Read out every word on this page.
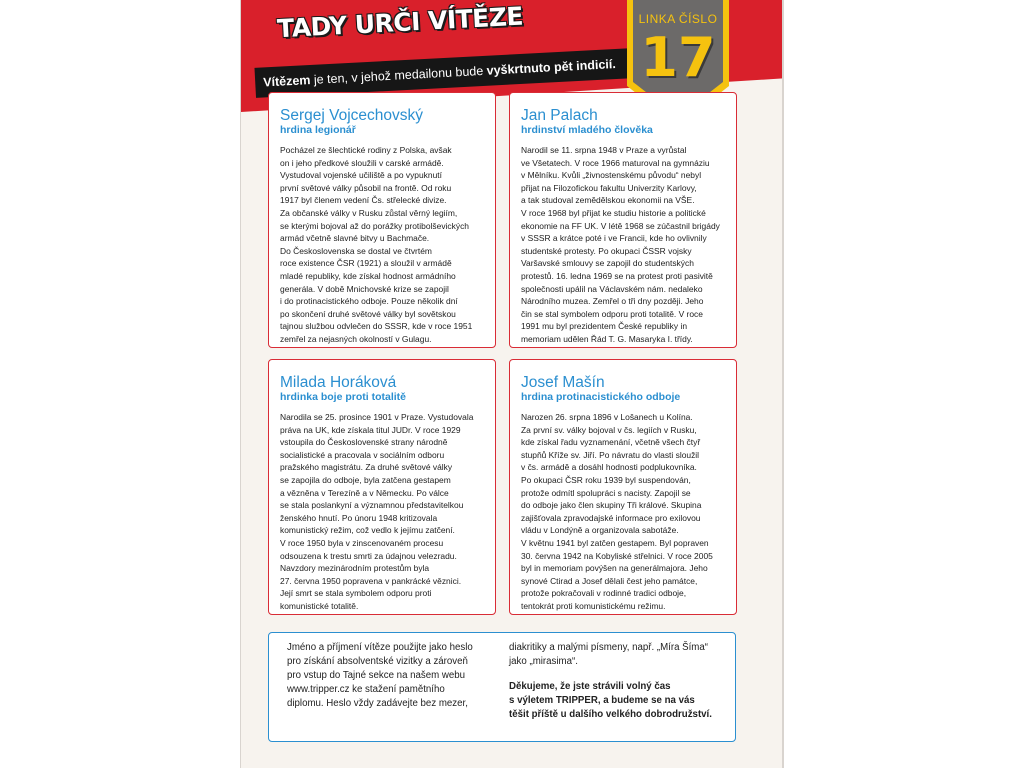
TADY URČI VÍTĚZE
Vítězem je ten, v jehož medailonu bude vyškrtnuto pět indicií.
LINKA ČÍSLO
17
Sergej Vojcechovský
hrdina legionář

Pocházel ze šlechtické rodiny z Polska, avšak

on i jeho předkové sloužili v carské armádě.

Vystudoval vojenské učiliště a po vypuknutí

první světové války působil na frontě. Od roku

1917 byl členem vedení Čs. střelecké divize.

Za občanské války v Rusku zůstal věrný legiím,

se kterými bojoval až do porážky protibolševických

armád včetně slavné bitvy u Bachmače.

Do Československa se dostal ve čtvrtém

roce existence ČSR (1921) a sloužil v armádě

mladé republiky, kde získal hodnost armádního

generála. V době Mnichovské krize se zapojil

i do protinacistického odboje. Pouze několik dní

po skončení druhé světové války byl sovětskou

tajnou službou odvlečen do SSSR, kde v roce 1951

zemřel za nejasných okolností v Gulagu.

Jan Palach
hrdinství mladého člověka

Narodil se 11. srpna 1948 v Praze a vyrůstal

ve Všetatech. V roce 1966 maturoval na gymnáziu

v Mělníku. Kvůli „živnostenskému původu“ nebyl

přijat na Filozofickou fakultu Univerzity Karlovy,

a tak studoval zemědělskou ekonomii na VŠE.

V roce 1968 byl přijat ke studiu historie a politické

ekonomie na FF UK. V létě 1968 se zúčastnil brigády

v SSSR a krátce poté i ve Francii, kde ho ovlivnily

studentské protesty. Po okupaci ČSSR vojsky

Varšavské smlouvy se zapojil do studentských

protestů. 16. ledna 1969 se na protest proti pasivitě

společnosti upálil na Václavském nám. nedaleko

Národního muzea. Zemřel o tři dny později. Jeho

čin se stal symbolem odporu proti totalitě. V roce

1991 mu byl prezidentem České republiky in

memoriam udělen Řád T. G. Masaryka I. třídy.

Milada Horáková
hrdinka boje proti totalitě

Narodila se 25. prosince 1901 v Praze. Vystudovala

práva na UK, kde získala titul JUDr. V roce 1929

vstoupila do Československé strany národně

socialistické a pracovala v sociálním odboru

pražského magistrátu. Za druhé světové války

se zapojila do odboje, byla zatčena gestapem

a vězněna v Terezíně a v Německu. Po válce

se stala poslankyní a významnou představitelkou

ženského hnutí. Po únoru 1948 kritizovala

komunistický režim, což vedlo k jejímu zatčení.

V roce 1950 byla v zinscenovaném procesu

odsouzena k trestu smrti za údajnou velezradu.

Navzdory mezinárodním protestům byla

27. června 1950 popravena v pankrácké věznici.

Její smrt se stala symbolem odporu proti

komunistické totalitě.

Josef Mašín
hrdina protinacistického odboje

Narozen 26. srpna 1896 v Lošanech u Kolína.

Za první sv. války bojoval v čs. legiích v Rusku,

kde získal řadu vyznamenání, včetně všech čtyř

stupňů Kříže sv. Jiří. Po návratu do vlasti sloužil

v čs. armádě a dosáhl hodnosti podplukovníka.

Po okupaci ČSR roku 1939 byl suspendován,

protože odmítl spolupráci s nacisty. Zapojil se

do odboje jako člen skupiny Tři králové. Skupina

zajišťovala zpravodajské informace pro exilovou

vládu v Londýně a organizovala sabotáže.

V květnu 1941 byl zatčen gestapem. Byl popraven

30. června 1942 na Kobyliské střelnici. V roce 2005

byl in memoriam povýšen na generálmajora. Jeho

synové Ctirad a Josef dělali čest jeho památce,

protože pokračovali v rodinné tradici odboje,

tentokrát proti komunistickému režimu.

Jméno a příjmení vítěze použijte jako heslo

pro získání absolventské vizitky a zároveň

pro vstup do Tajné sekce na našem webu

www.tripper.cz ke stažení pamětního

diplomu. Heslo vždy zadávejte bez mezer,

diakritiky a malými písmeny, např. „Míra Šíma“

jako „mirasima“.

Děkujeme, že jste strávili volný čas

s výletem TRIPPER, a budeme se na vás

těšit příště u dalšího velkého dobrodružství.
